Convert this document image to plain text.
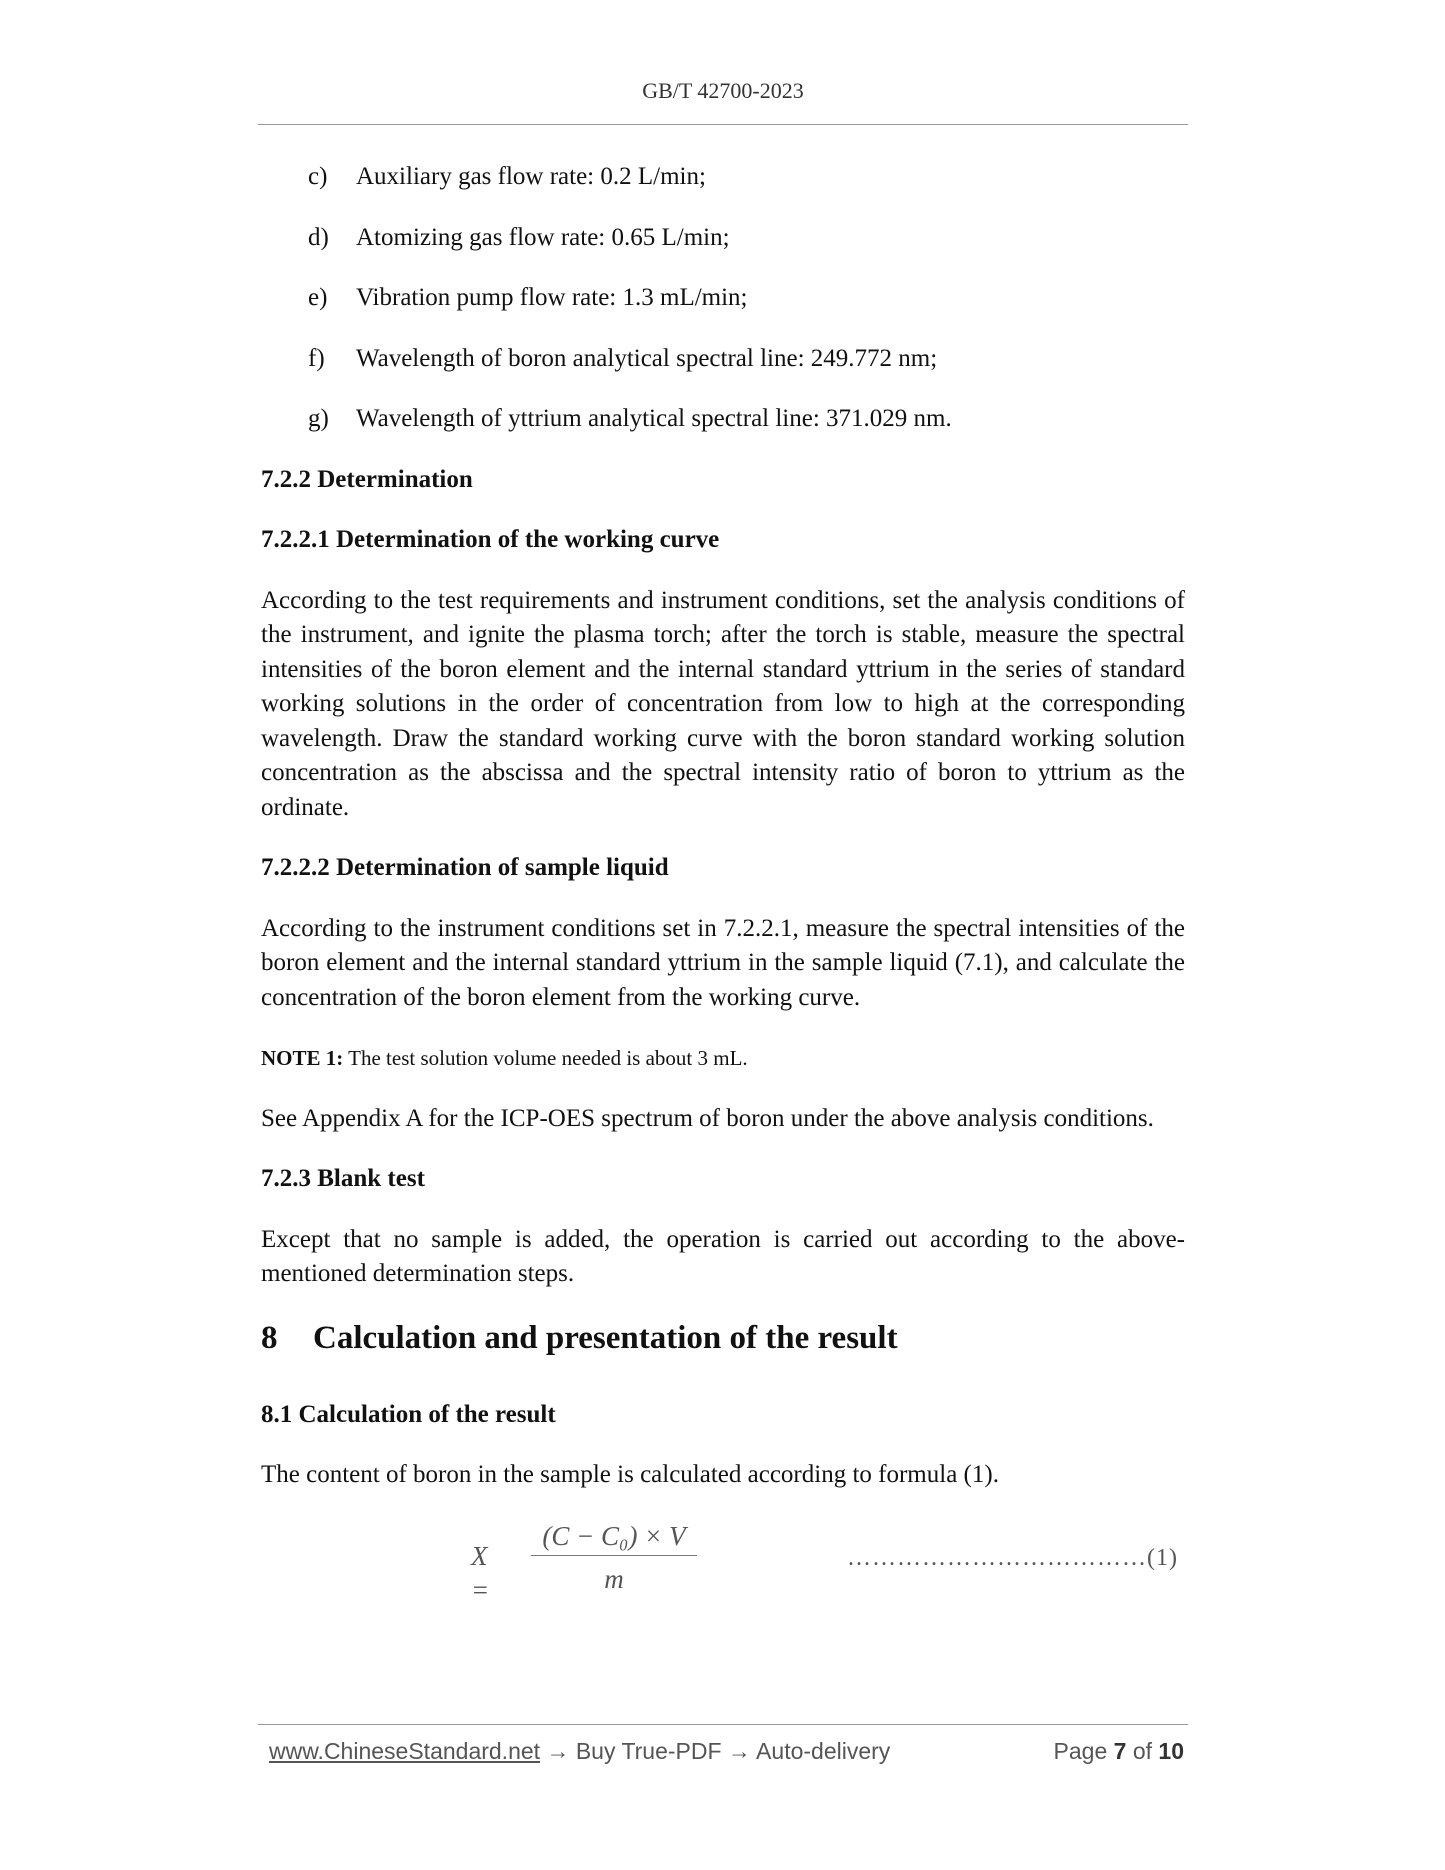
GB/T 42700-2023
c)	Auxiliary gas flow rate: 0.2 L/min;
d)	Atomizing gas flow rate: 0.65 L/min;
e)	Vibration pump flow rate: 1.3 mL/min;
f)	Wavelength of boron analytical spectral line: 249.772 nm;
g)	Wavelength of yttrium analytical spectral line: 371.029 nm.
7.2.2 Determination
7.2.2.1 Determination of the working curve

According to the test requirements and instrument conditions, set the analysis conditions of the instrument, and ignite the plasma torch; after the torch is stable, measure the spectral intensities of the boron element and the internal standard yttrium in the series of standard working solutions in the order of concentration from low to high at the corresponding wavelength. Draw the standard working curve with the boron standard working solution concentration as the abscissa and the spectral intensity ratio of boron to yttrium as the ordinate.

7.2.2.2 Determination of sample liquid

According to the instrument conditions set in 7.2.2.1, measure the spectral intensities of the boron element and the internal standard yttrium in the sample liquid (7.1), and calculate the concentration of the boron element from the working curve.

NOTE 1: The test solution volume needed is about 3 mL.

See Appendix A for the ICP-OES spectrum of boron under the above analysis conditions.

7.2.3 Blank test

Except that no sample is added, the operation is carried out according to the above-mentioned determination steps.

8	Calculation and presentation of the result
8.1 Calculation of the result

The content of boron in the sample is calculated according to formula (1).

X =
(C − C₀) × V
m
………………………………(1)
www.ChineseStandard.net → Buy True-PDF → Auto-delivery	Page 7 of 10
